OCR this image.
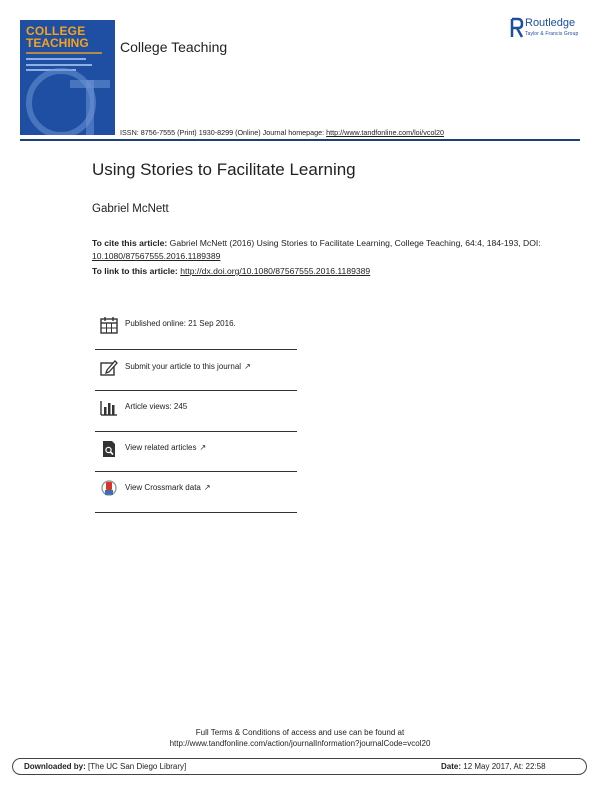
COLLEGE
TEACHING College Teaching
Routledge
Taylor & Francis Group
ISSN: 8756-7555 (Print) 1930-8299 (Online) Journal homepage: http://www.tandfonline.com/loi/vcol20
Using Stories to Facilitate Learning
Gabriel McNett
To cite this article: Gabriel McNett (2016) Using Stories to Facilitate Learning, College Teaching, 64:4, 184-193, DOI: 10.1080/87567555.2016.1189389
To link to this article: http://dx.doi.org/10.1080/87567555.2016.1189389
Published online: 21 Sep 2016.
Submit your article to this journal ↗
Article views: 245
View related articles ↗
View Crossmark data ↗
Full Terms & Conditions of access and use can be found at
http://www.tandfonline.com/action/journalInformation?journalCode=vcol20
Downloaded by: [The UC San Diego Library]	Date: 12 May 2017, At: 22:58
